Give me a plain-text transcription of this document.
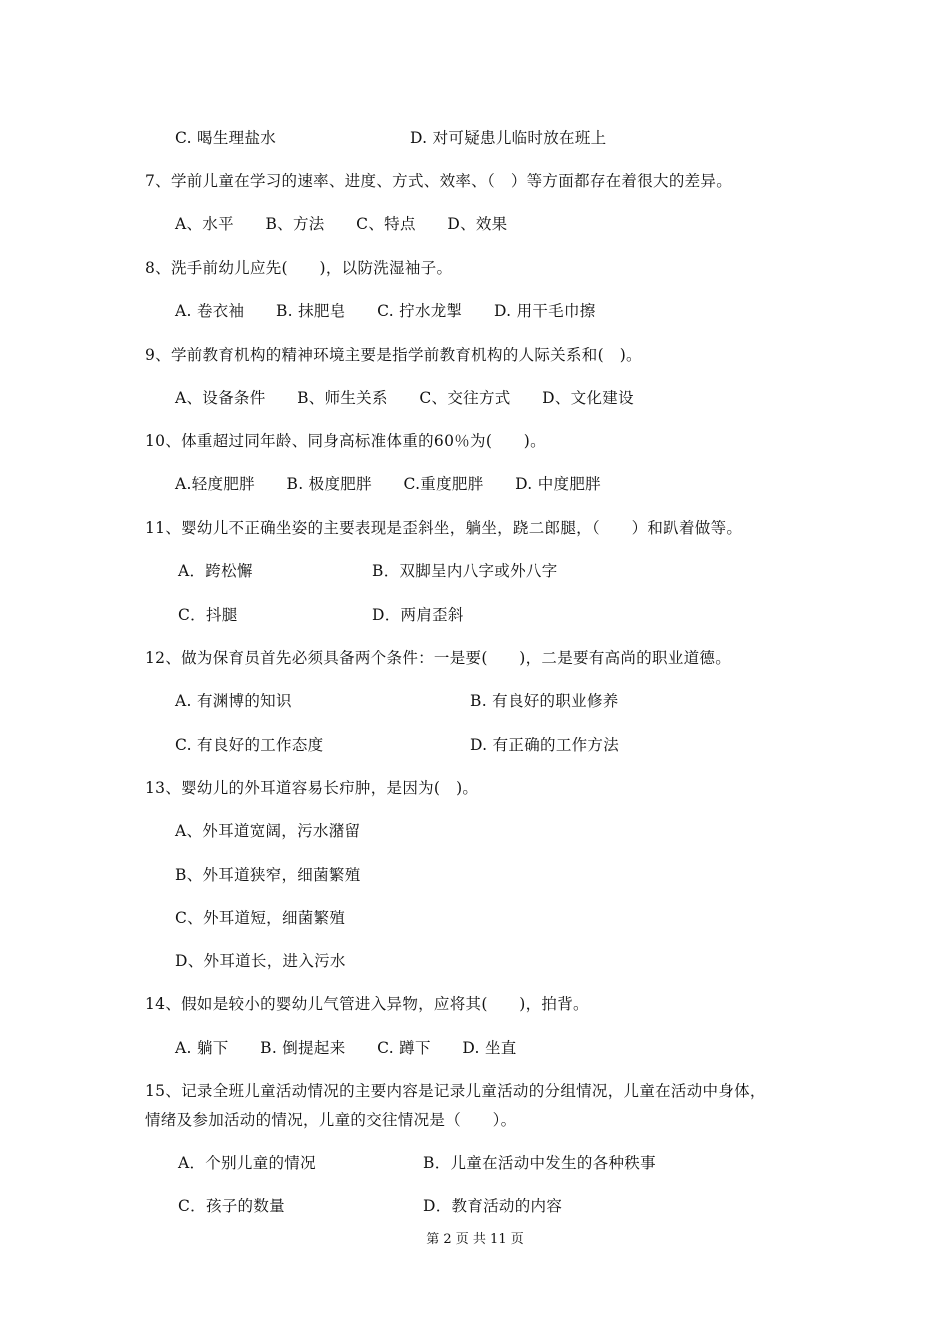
C. 喝生理盐水	D. 对可疑患儿临时放在班上
7、学前儿童在学习的速率、进度、方式、效率、（　）等方面都存在着很大的差异。
A、水平　　B、方法　　C、特点　　D、效果
8、洗手前幼儿应先(　　)，以防洗湿袖子。
A. 卷衣袖　　B. 抹肥皂　　C. 拧水龙掣　　D. 用干毛巾擦
9、学前教育机构的精神环境主要是指学前教育机构的人际关系和(　)。
A、设备条件　　B、师生关系　　C、交往方式　　D、文化建设
10、体重超过同年龄、同身高标准体重的60％为(　　)。
A.轻度肥胖　　B. 极度肥胖　　C.重度肥胖　　D. 中度肥胖
11、婴幼儿不正确坐姿的主要表现是歪斜坐，躺坐，跷二郎腿，（　　）和趴着做等。
A．跨松懈	B．双脚呈内八字或外八字
C．抖腿	D．两肩歪斜
12、做为保育员首先必须具备两个条件：一是要(　　)，二是要有高尚的职业道德。
A. 有渊博的知识	B. 有良好的职业修养
C. 有良好的工作态度	D. 有正确的工作方法
13、婴幼儿的外耳道容易长疖肿，是因为(　)。
A、外耳道宽阔，污水潴留
B、外耳道狭窄，细菌繁殖
C、外耳道短，细菌繁殖
D、外耳道长，进入污水
14、假如是较小的婴幼儿气管进入异物，应将其(　　)，拍背。
A. 躺下　　B. 倒提起来　　C. 蹲下　　D. 坐直
15、记录全班儿童活动情况的主要内容是记录儿童活动的分组情况，儿童在活动中身体，
情绪及参加活动的情况，儿童的交往情况是（　　）。
A．个别儿童的情况	B．儿童在活动中发生的各种秩事
C．孩子的数量	D．教育活动的内容
第 2 页 共 11 页
